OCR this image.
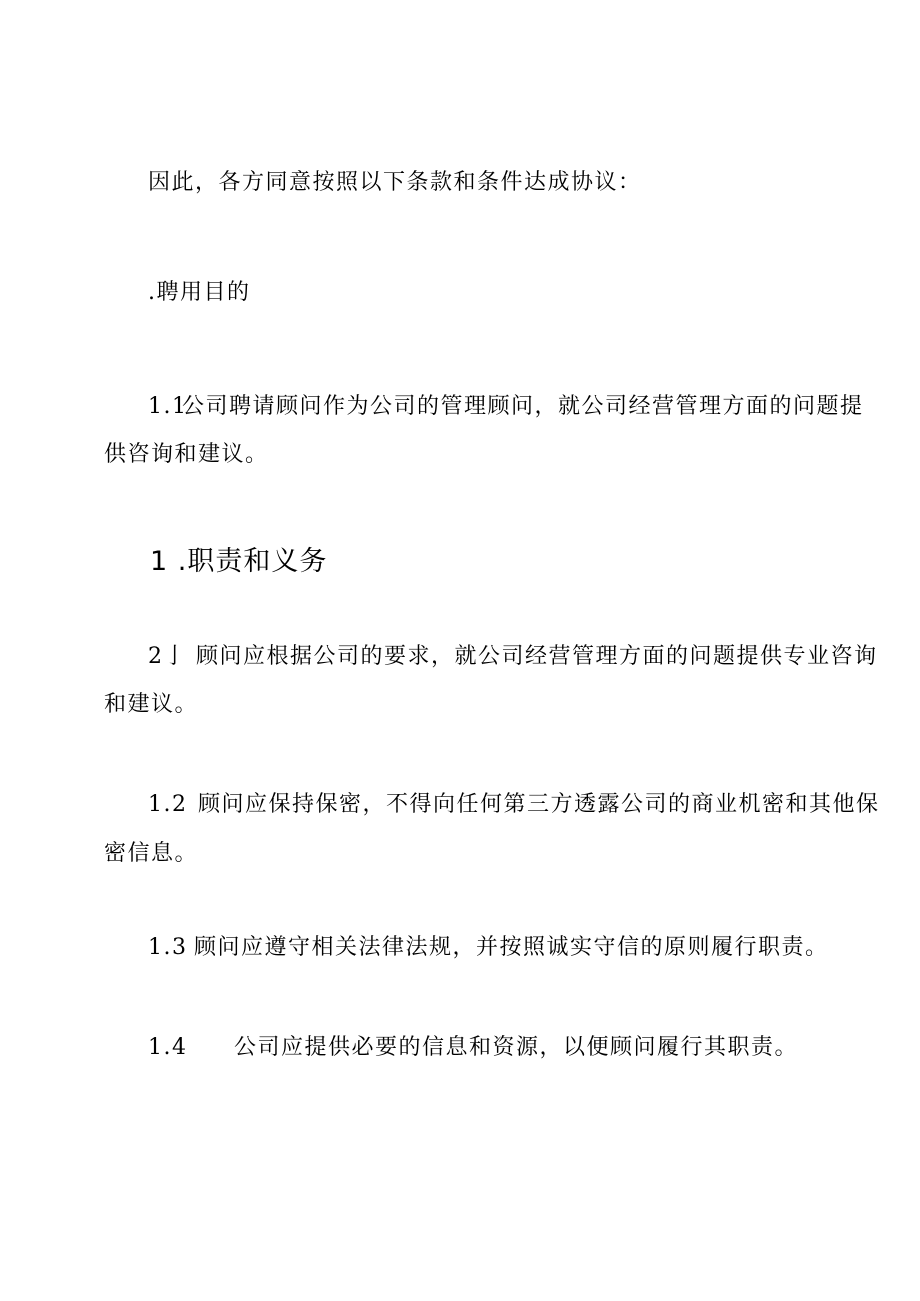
因此，各方同意按照以下条款和条件达成协议：
.聘用目的
1.1公司聘请顾问作为公司的管理顾问，就公司经营管理方面的问题提
供咨询和建议。
1 .职责和义务
2亅 顾问应根据公司的要求，就公司经营管理方面的问题提供专业咨询
和建议。
1.2 顾问应保持保密，不得向任何第三方透露公司的商业机密和其他保
密信息。
1.3 顾问应遵守相关法律法规，并按照诚实守信的原则履行职责。
1.4 公司应提供必要的信息和资源，以便顾问履行其职责。
